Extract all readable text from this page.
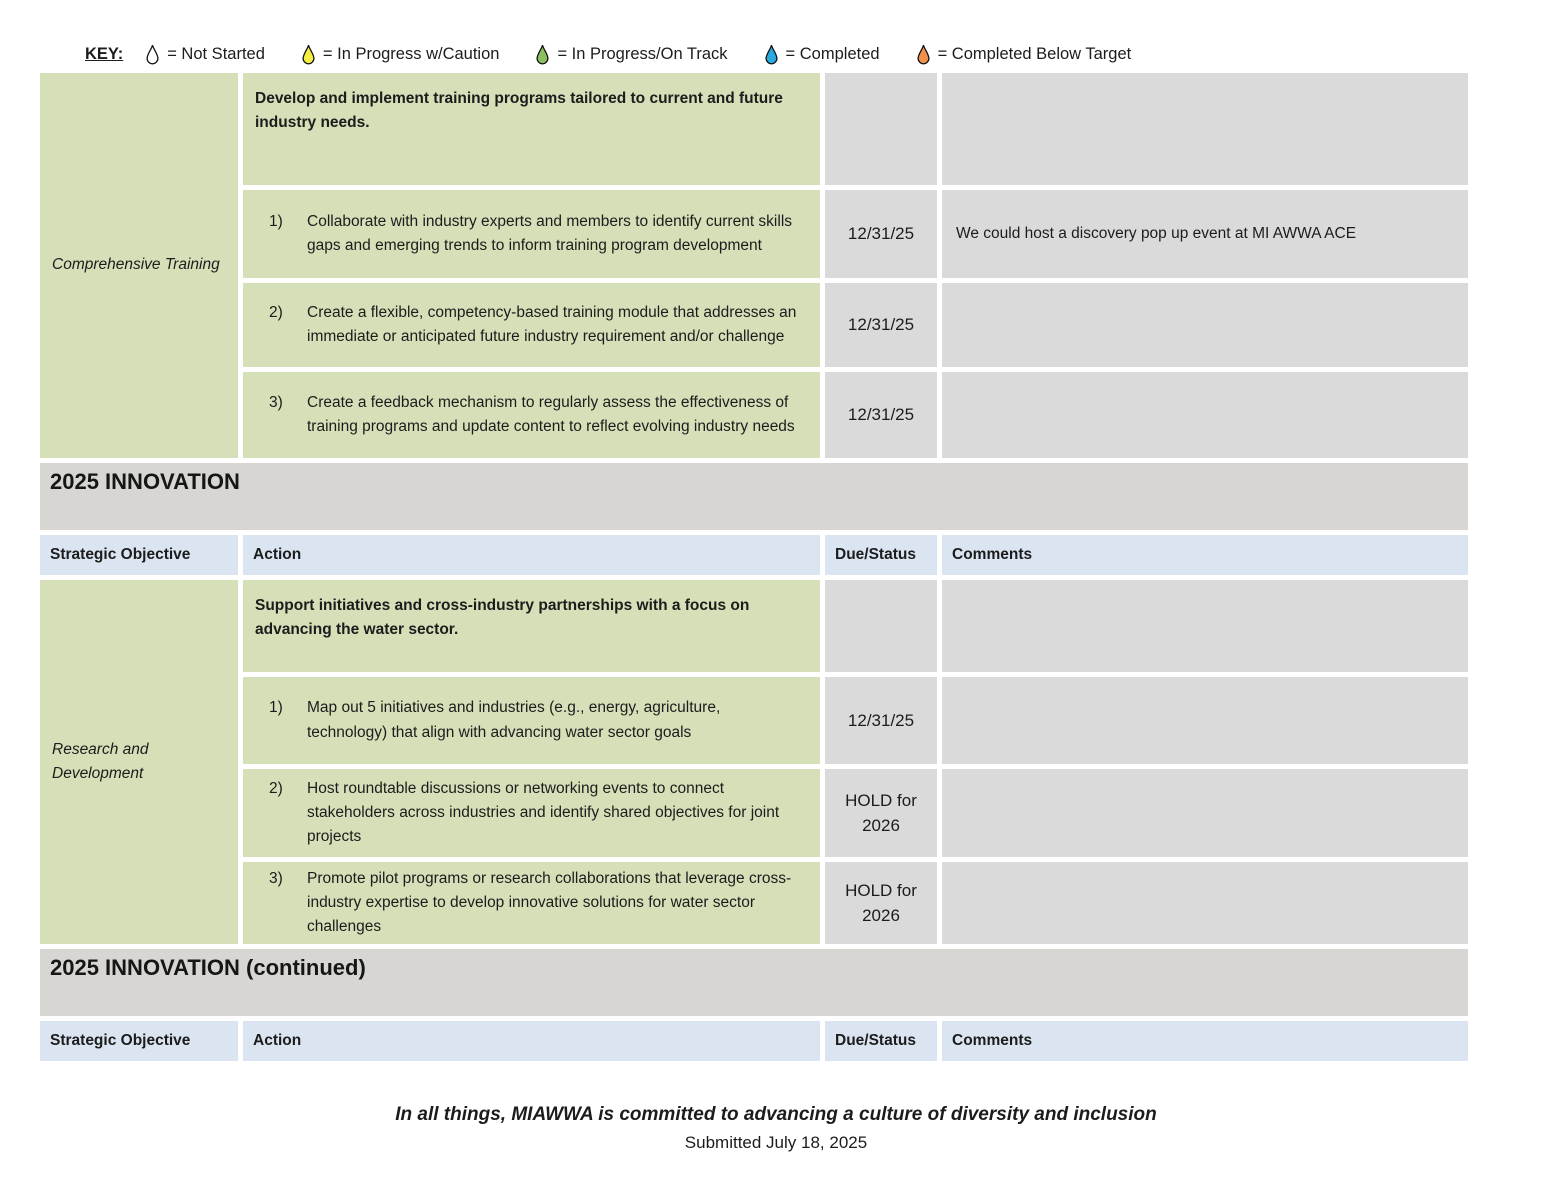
KEY:	= Not Started	= In Progress w/Caution	= In Progress/On Track	= Completed	= Completed Below Target
Comprehensive Training	Develop and implement training programs tailored to current and future industry needs.		

	1) Collaborate with industry experts and members to identify current skills gaps and emerging trends to inform training program development	12/31/25	We could host a discovery pop up event at MI AWWA ACE

	2) Create a flexible, competency-based training module that addresses an immediate or anticipated future industry requirement and/or challenge	12/31/25	

	3) Create a feedback mechanism to regularly assess the effectiveness of training programs and update content to reflect evolving industry needs	12/31/25	
2025 INNOVATION
Strategic Objective	Action	Due/Status	Comments
Research and Development	Support initiatives and cross-industry partnerships with a focus on advancing the water sector.		

	1) Map out 5 initiatives and industries (e.g., energy, agriculture, technology) that align with advancing water sector goals	12/31/25	

	2) Host roundtable discussions or networking events to connect stakeholders across industries and identify shared objectives for joint projects	HOLD for 2026	

	3) Promote pilot programs or research collaborations that leverage cross-industry expertise to develop innovative solutions for water sector challenges	HOLD for 2026	
2025 INNOVATION (continued)
Strategic Objective	Action	Due/Status	Comments
In all things, MIAWWA is committed to advancing a culture of diversity and inclusion
Submitted July 18, 2025
